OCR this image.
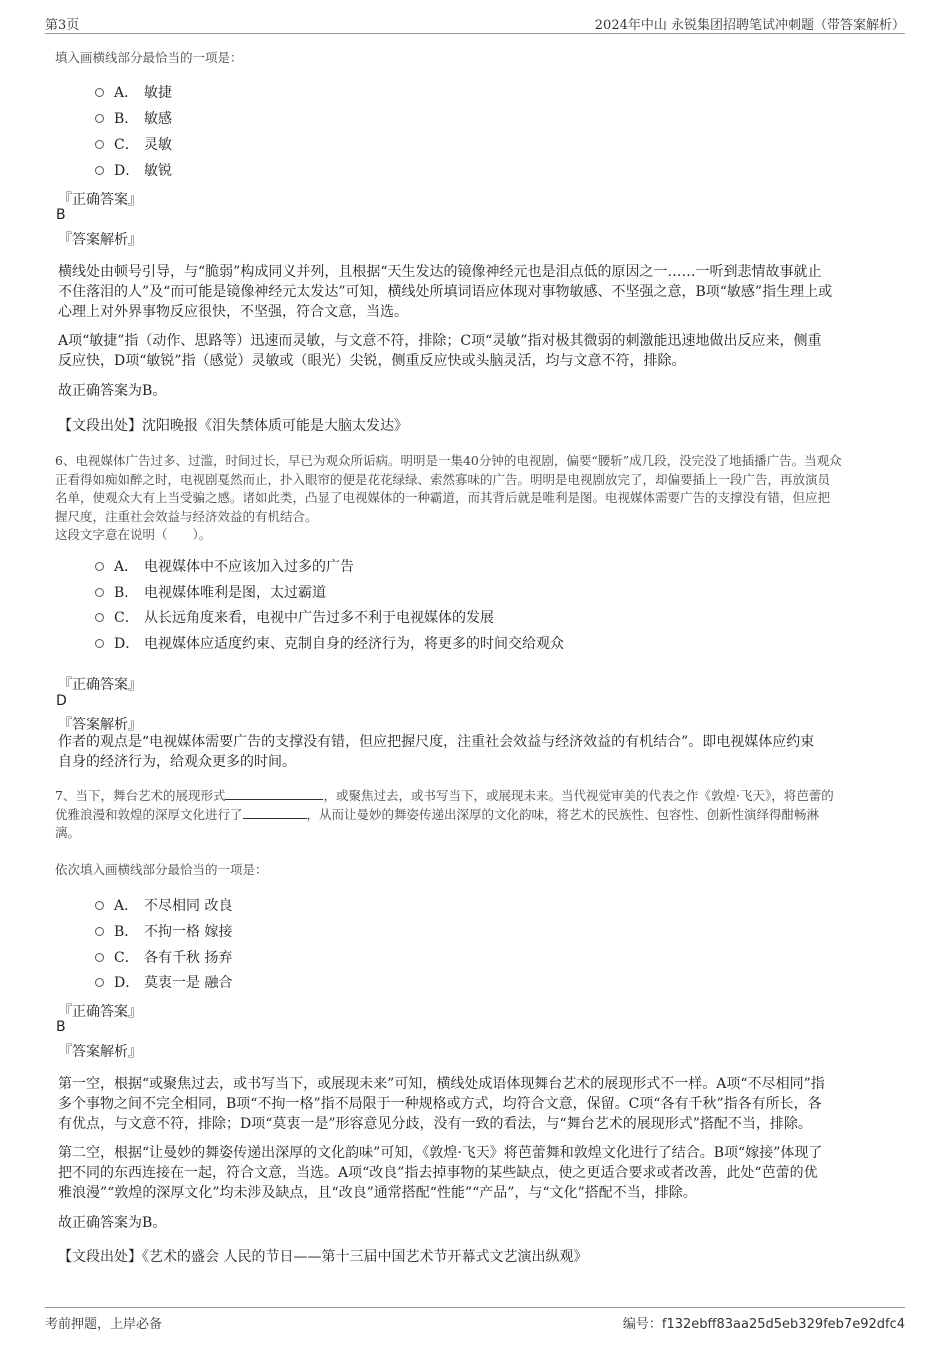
第3页	2024年中山 永锐集团招聘笔试冲刺题（带答案解析）
填入画横线部分最恰当的一项是：
A． 敏捷
B． 敏感
C． 灵敏
D． 敏锐
『正确答案』
B
『答案解析』
横线处由顿号引导，与“脆弱”构成同义并列，且根据“天生发达的镜像神经元也是泪点低的原因之一……一听到悲情故事就止
不住落泪的人”及“而可能是镜像神经元太发达”可知，横线处所填词语应体现对事物敏感、不坚强之意，B项“敏感”指生理上或
心理上对外界事物反应很快，不坚强，符合文意，当选。
A项“敏捷”指（动作、思路等）迅速而灵敏，与文意不符，排除；C项“灵敏”指对极其微弱的刺激能迅速地做出反应来，侧重
反应快，D项“敏锐”指（感觉）灵敏或（眼光）尖锐，侧重反应快或头脑灵活，均与文意不符，排除。
故正确答案为B。
【文段出处】沈阳晚报《泪失禁体质可能是大脑太发达》
6、电视媒体广告过多、过滥，时间过长，早已为观众所诟病。明明是一集40分钟的电视剧，偏要“腰斩”成几段，没完没了地插播广告。当观众
正看得如痴如醉之时，电视剧戛然而止，扑入眼帘的便是花花绿绿、索然寡味的广告。明明是电视剧放完了，却偏要插上一段广告，再放演员
名单，使观众大有上当受骗之感。诸如此类，凸显了电视媒体的一种霸道，而其背后就是唯利是图。电视媒体需要广告的支撑没有错，但应把
握尺度，注重社会效益与经济效益的有机结合。
这段文字意在说明（　　）。
A． 电视媒体中不应该加入过多的广告
B． 电视媒体唯利是图，太过霸道
C． 从长远角度来看，电视中广告过多不利于电视媒体的发展
D． 电视媒体应适度约束、克制自身的经济行为，将更多的时间交给观众
『正确答案』
D
『答案解析』
作者的观点是“电视媒体需要广告的支撑没有错，但应把握尺度，注重社会效益与经济效益的有机结合”。即电视媒体应约束
自身的经济行为，给观众更多的时间。
7、当下，舞台艺术的展现形式	，或聚焦过去，或书写当下，或展现未来。当代视觉审美的代表之作《敦煌·飞天》，将芭蕾的
优雅浪漫和敦煌的深厚文化进行了	，从而让曼妙的舞姿传递出深厚的文化韵味，将艺术的民族性、包容性、创新性演绎得酣畅淋
漓。
依次填入画横线部分最恰当的一项是：
A． 不尽相同 改良
B． 不拘一格 嫁接
C． 各有千秋 扬弃
D． 莫衷一是 融合
『正确答案』
B
『答案解析』
第一空，根据“或聚焦过去，或书写当下，或展现未来”可知，横线处成语体现舞台艺术的展现形式不一样。A项“不尽相同”指
多个事物之间不完全相同，B项“不拘一格”指不局限于一种规格或方式，均符合文意，保留。C项“各有千秋”指各有所长，各
有优点，与文意不符，排除；D项“莫衷一是”形容意见分歧，没有一致的看法，与“舞台艺术的展现形式”搭配不当，排除。
第二空，根据“让曼妙的舞姿传递出深厚的文化韵味”可知，《敦煌·飞天》将芭蕾舞和敦煌文化进行了结合。B项“嫁接”体现了
把不同的东西连接在一起，符合文意，当选。A项“改良”指去掉事物的某些缺点，使之更适合要求或者改善，此处“芭蕾的优
雅浪漫”“敦煌的深厚文化”均未涉及缺点，且“改良”通常搭配“性能”“产品”，与“文化”搭配不当，排除。
故正确答案为B。
【文段出处】《艺术的盛会 人民的节日——第十三届中国艺术节开幕式文艺演出纵观》
考前押题，上岸必备	编号：f132ebff83aa25d5eb329feb7e92dfc4
